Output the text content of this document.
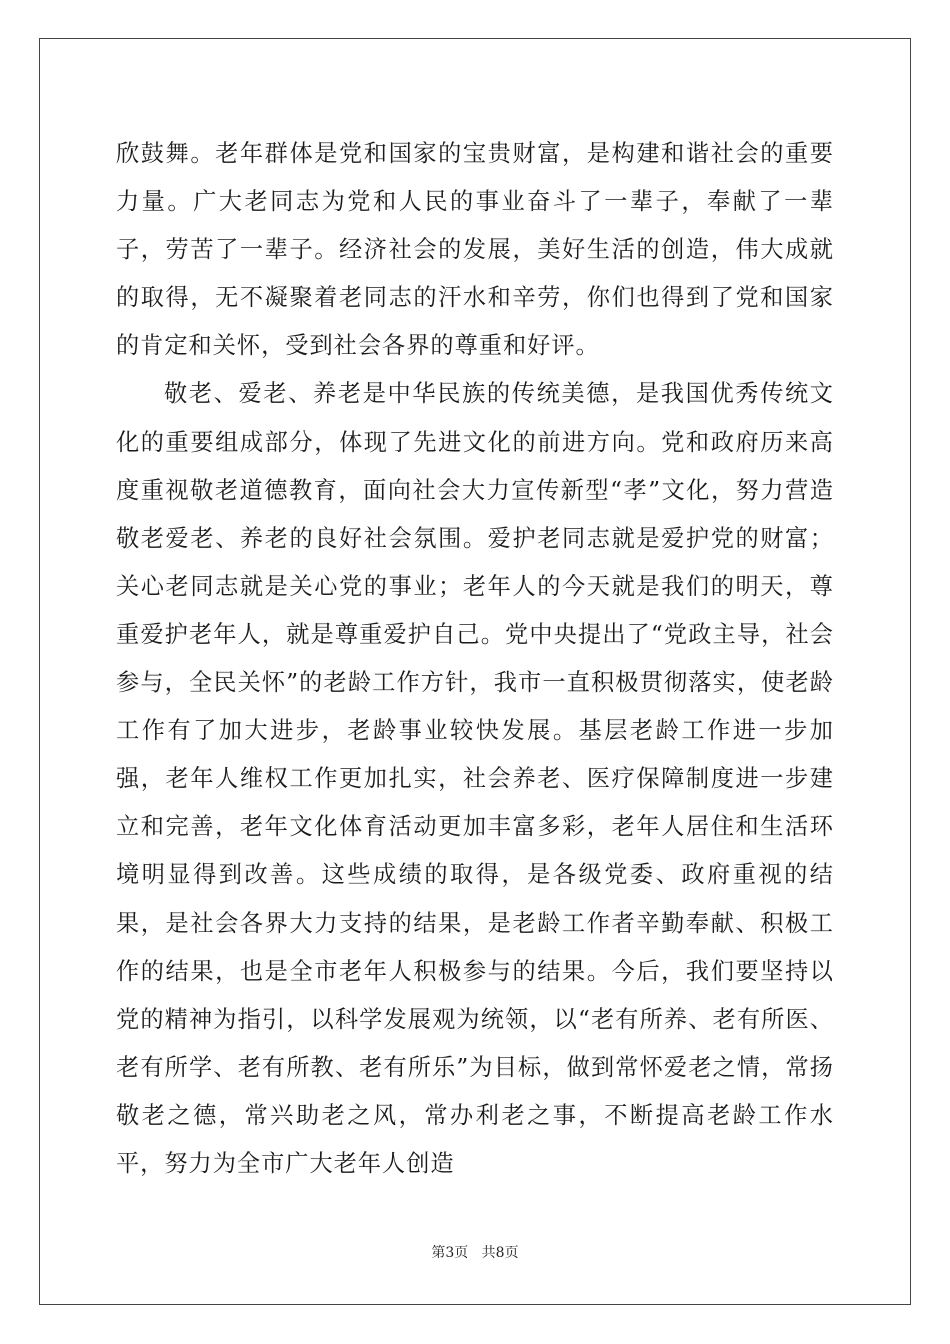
欣鼓舞。老年群体是党和国家的宝贵财富，是构建和谐社会的重要力量。广大老同志为党和人民的事业奋斗了一辈子，奉献了一辈子，劳苦了一辈子。经济社会的发展，美好生活的创造，伟大成就的取得，无不凝聚着老同志的汗水和辛劳，你们也得到了党和国家的肯定和关怀，受到社会各界的尊重和好评。

敬老、爱老、养老是中华民族的传统美德，是我国优秀传统文化的重要组成部分，体现了先进文化的前进方向。党和政府历来高度重视敬老道德教育，面向社会大力宣传新型“孝”文化，努力营造敬老爱老、养老的良好社会氛围。爱护老同志就是爱护党的财富；关心老同志就是关心党的事业；老年人的今天就是我们的明天，尊重爱护老年人，就是尊重爱护自己。党中央提出了“党政主导，社会参与，全民关怀”的老龄工作方针，我市一直积极贯彻落实，使老龄工作有了加大进步，老龄事业较快发展。基层老龄工作进一步加强，老年人维权工作更加扎实，社会养老、医疗保障制度进一步建立和完善，老年文化体育活动更加丰富多彩，老年人居住和生活环境明显得到改善。这些成绩的取得，是各级党委、政府重视的结果，是社会各界大力支持的结果，是老龄工作者辛勤奉献、积极工作的结果，也是全市老年人积极参与的结果。今后，我们要坚持以党的精神为指引，以科学发展观为统领，以“老有所养、老有所医、老有所学、老有所教、老有所乐”为目标，做到常怀爱老之情，常扬敬老之德，常兴助老之风，常办利老之事，不断提高老龄工作水平，努力为全市广大老年人创造

第3页 共8页
